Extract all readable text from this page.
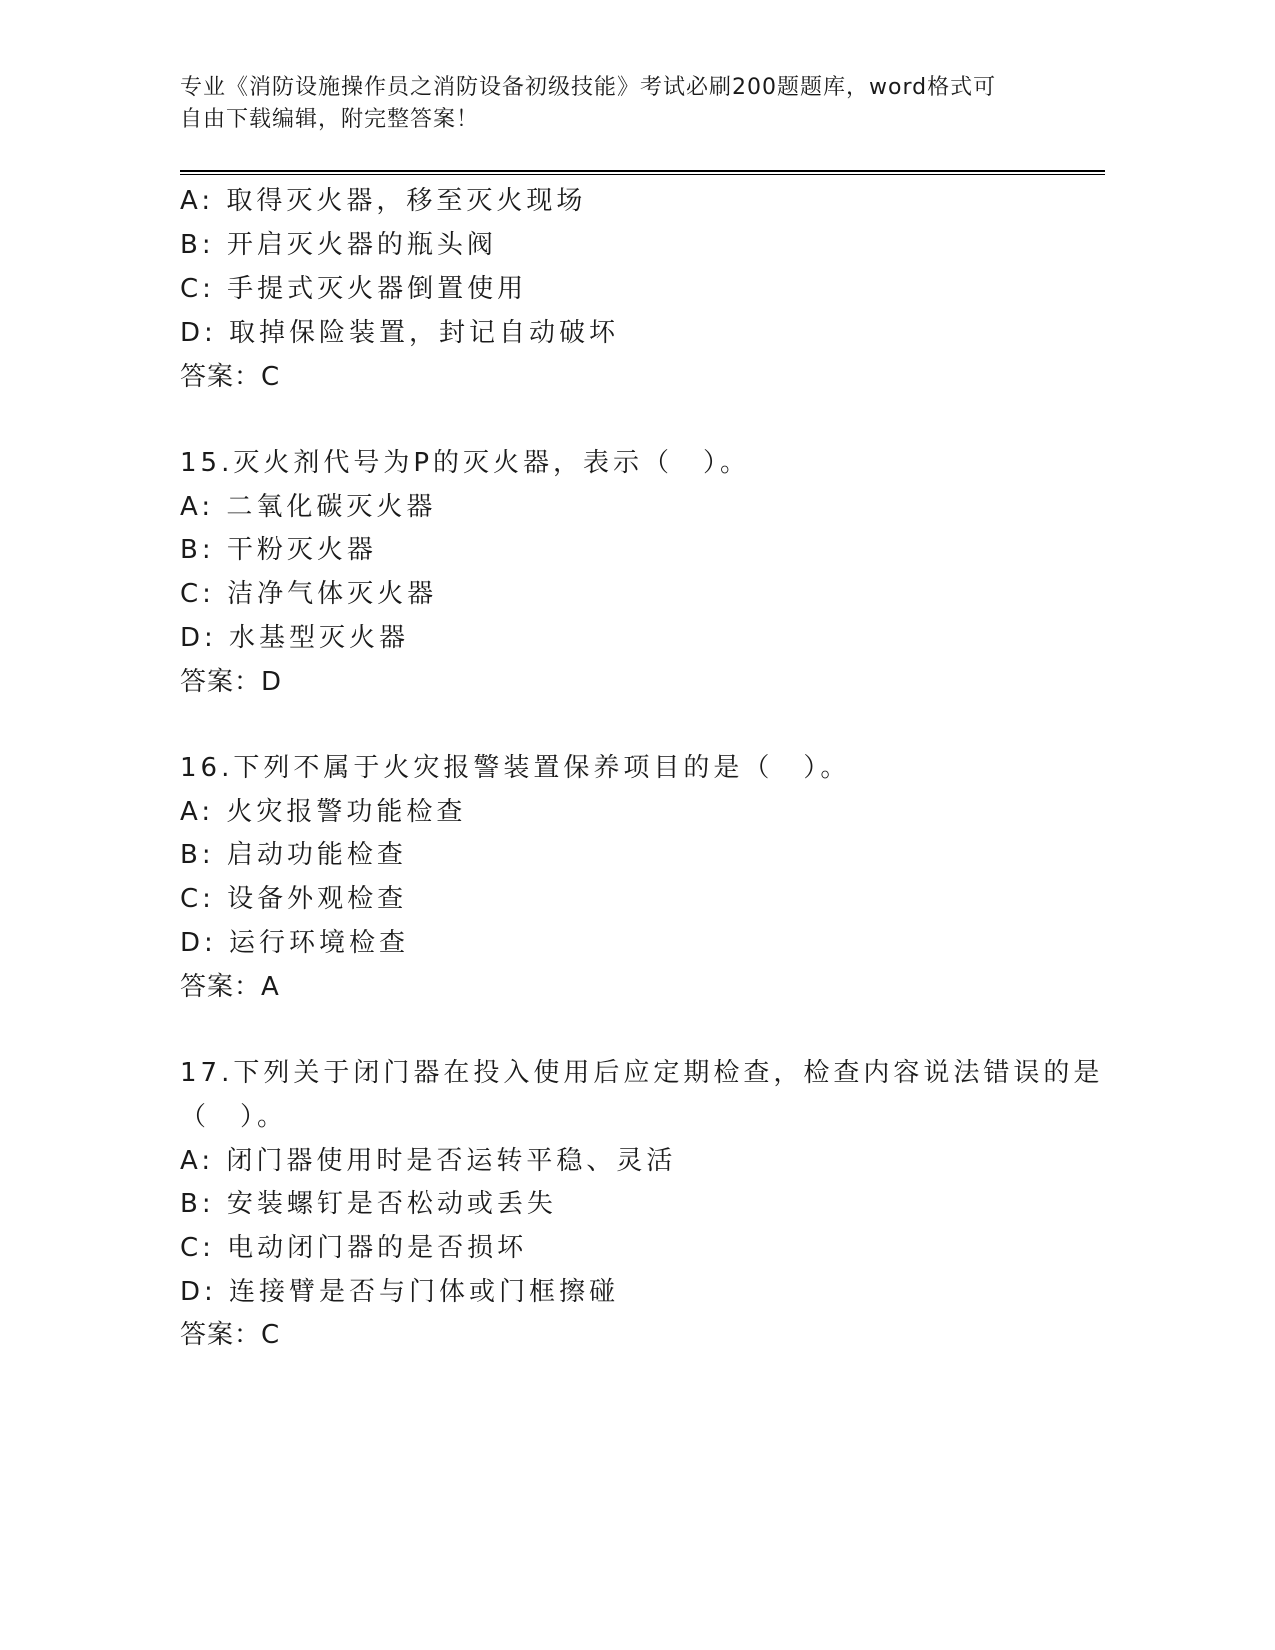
专业《消防设施操作员之消防设备初级技能》考试必刷200题题库，word格式可
自由下载编辑，附完整答案！
A: 取得灭火器，移至灭火现场
B: 开启灭火器的瓶头阀
C: 手提式灭火器倒置使用
D: 取掉保险装置，封记自动破坏
答案：C
15.灭火剂代号为P的灭火器，表示（　）。
A: 二氧化碳灭火器
B: 干粉灭火器
C: 洁净气体灭火器
D: 水基型灭火器
答案：D
16.下列不属于火灾报警装置保养项目的是（　）。
A: 火灾报警功能检查
B: 启动功能检查
C: 设备外观检查
D: 运行环境检查
答案：A
17.下列关于闭门器在投入使用后应定期检查，检查内容说法错误的是
（　）。
A: 闭门器使用时是否运转平稳、灵活
B: 安装螺钉是否松动或丢失
C: 电动闭门器的是否损坏
D: 连接臂是否与门体或门框擦碰
答案：C
